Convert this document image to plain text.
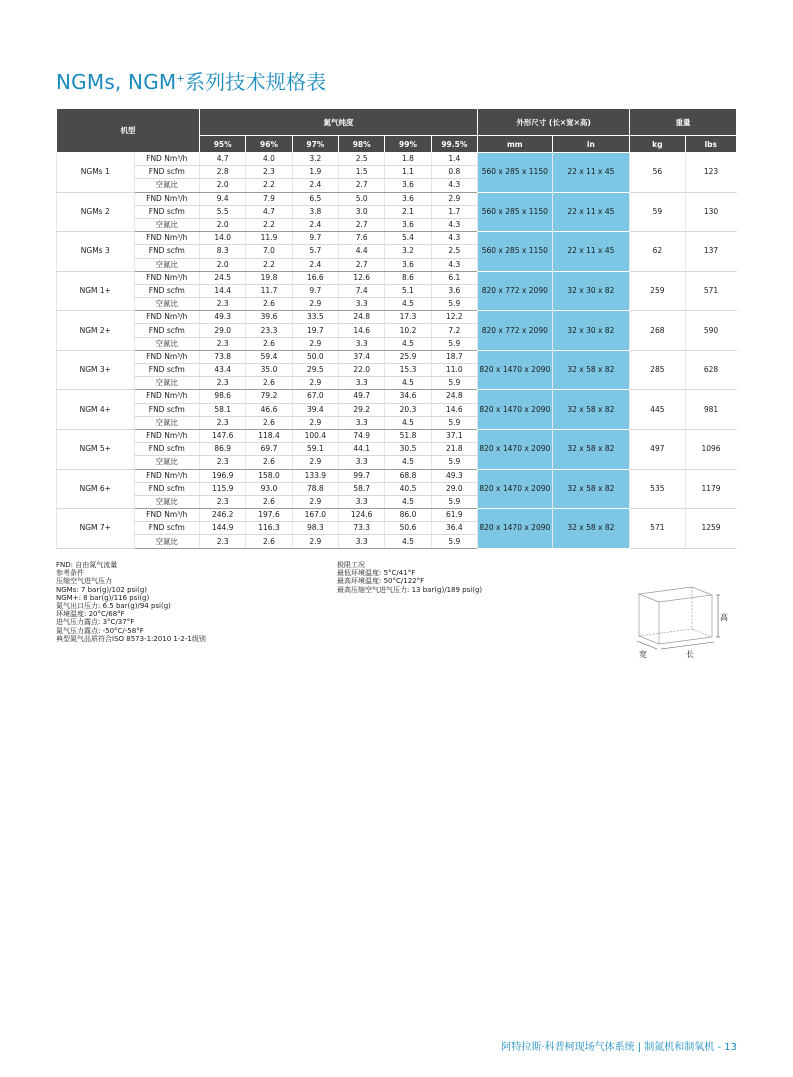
NGMs, NGM+系列技术规格表
机型		氮气纯度						外形尺寸 (长×宽×高)		重量	
		95%	96%	97%	98%	99%	99.5%	mm	in	kg	lbs
NGMs 1	FND Nm³/h	4.7	4.0	3.2	2.5	1.8	1.4	560 x 285 x 1150	22 x 11 x 45	56	123
	FND scfm	2.8	2.3	1.9	1.5	1.1	0.8				
	空氮比	2.0	2.2	2.4	2.7	3.6	4.3				
NGMs 2	FND Nm³/h	9.4	7.9	6.5	5.0	3.6	2.9	560 x 285 x 1150	22 x 11 x 45	59	130
	FND scfm	5.5	4.7	3.8	3.0	2.1	1.7				
	空氮比	2.0	2.2	2.4	2.7	3.6	4.3				
NGMs 3	FND Nm³/h	14.0	11.9	9.7	7.6	5.4	4.3	560 x 285 x 1150	22 x 11 x 45	62	137
	FND scfm	8.3	7.0	5.7	4.4	3.2	2.5				
	空氮比	2.0	2.2	2.4	2.7	3.6	4.3				
NGM 1+	FND Nm³/h	24.5	19.8	16.6	12.6	8.6	6.1	820 x 772 x 2090	32 x 30 x 82	259	571
	FND scfm	14.4	11.7	9.7	7.4	5.1	3.6				
	空氮比	2.3	2.6	2.9	3.3	4.5	5.9				
NGM 2+	FND Nm³/h	49.3	39.6	33.5	24.8	17.3	12.2	820 x 772 x 2090	32 x 30 x 82	268	590
	FND scfm	29.0	23.3	19.7	14.6	10.2	7.2				
	空氮比	2.3	2.6	2.9	3.3	4.5	5.9				
NGM 3+	FND Nm³/h	73.8	59.4	50.0	37.4	25.9	18.7	820 x 1470 x 2090	32 x 58 x 82	285	628
	FND scfm	43.4	35.0	29.5	22.0	15.3	11.0				
	空氮比	2.3	2.6	2.9	3.3	4.5	5.9				
NGM 4+	FND Nm³/h	98.6	79.2	67.0	49.7	34.6	24.8	820 x 1470 x 2090	32 x 58 x 82	445	981
	FND scfm	58.1	46.6	39.4	29.2	20.3	14.6				
	空氮比	2.3	2.6	2.9	3.3	4.5	5.9				
NGM 5+	FND Nm³/h	147.6	118.4	100.4	74.9	51.8	37.1	820 x 1470 x 2090	32 x 58 x 82	497	1096
	FND scfm	86.9	69.7	59.1	44.1	30.5	21.8				
	空氮比	2.3	2.6	2.9	3.3	4.5	5.9				
NGM 6+	FND Nm³/h	196.9	158.0	133.9	99.7	68.8	49.3	820 x 1470 x 2090	32 x 58 x 82	535	1179
	FND scfm	115.9	93.0	78.8	58.7	40.5	29.0				
	空氮比	2.3	2.6	2.9	3.3	4.5	5.9				
NGM 7+	FND Nm³/h	246.2	197.6	167.0	124.6	86.0	61.9	820 x 1470 x 2090	32 x 58 x 82	571	1259
	FND scfm	144.9	116.3	98.3	73.3	50.6	36.4				
	空氮比	2.3	2.6	2.9	3.3	4.5	5.9				
FND: 自由氮气流量
参考条件
压缩空气进气压力
NGMs: 7 bar(g)/102 psi(g)
NGM+: 8 bar(g)/116 psi(g)
氮气出口压力: 6.5 bar(g)/94 psi(g)
环境温度: 20°C/68°F
进气压力露点: 3°C/37°F
氮气压力露点: -50°C/-58°F
典型氮气品质符合ISO 8573-1:2010 1-2-1级别
极限工况
最低环境温度: 5°C/41°F
最高环境温度: 50°C/122°F
最高压缩空气进气压力: 13 bar(g)/189 psi(g)
高
宽	长
阿特拉斯·科普柯现场气体系统 | 制氮机和制氧机 - 13
